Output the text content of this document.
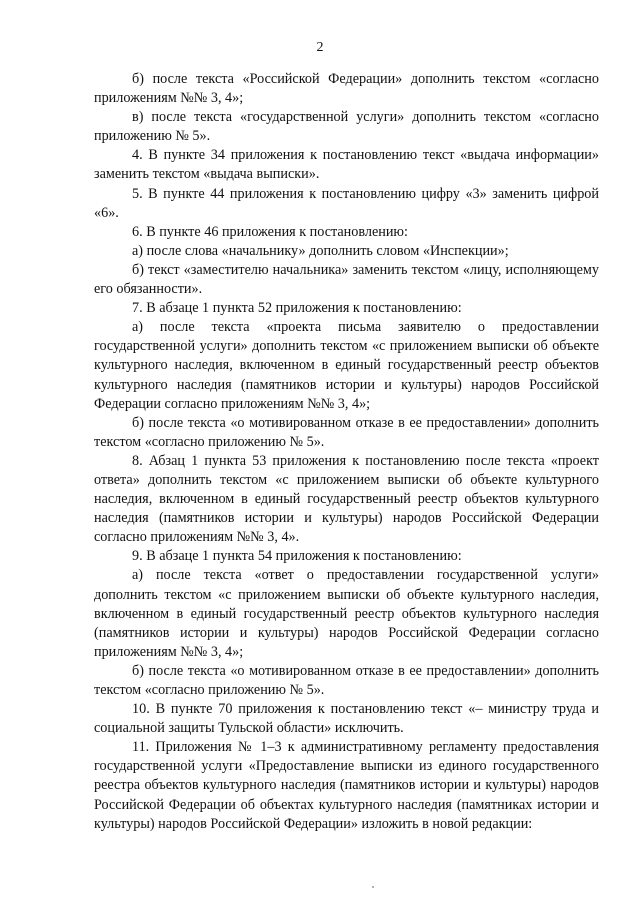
2

б) после текста «Российской Федерации» дополнить текстом «согласно приложениям №№ 3, 4»;

в) после текста «государственной услуги» дополнить текстом «согласно приложению № 5».

4. В пункте 34 приложения к постановлению текст «выдача информации» заменить текстом «выдача выписки».

5. В пункте 44 приложения к постановлению цифру «3» заменить цифрой «6».

6. В пункте 46 приложения к постановлению:

а) после слова «начальнику» дополнить словом «Инспекции»;

б) текст «заместителю начальника» заменить текстом «лицу, исполняющему его обязанности».

7. В абзаце 1 пункта 52 приложения к постановлению:

а) после текста «проекта письма заявителю о предоставлении государственной услуги» дополнить текстом «с приложением выписки об объекте культурного наследия, включенном в единый государственный реестр объектов культурного наследия (памятников истории и культуры) народов Российской Федерации согласно приложениям №№ 3, 4»;

б) после текста «о мотивированном отказе в ее предоставлении» дополнить текстом «согласно приложению № 5».

8. Абзац 1 пункта 53 приложения к постановлению после текста «проект ответа» дополнить текстом «с приложением выписки об объекте культурного наследия, включенном в единый государственный реестр объектов культурного наследия (памятников истории и культуры) народов Российской Федерации согласно приложениям №№ 3, 4».

9. В абзаце 1 пункта 54 приложения к постановлению:

а) после текста «ответ о предоставлении государственной услуги» дополнить текстом «с приложением выписки об объекте культурного наследия, включенном в единый государственный реестр объектов культурного наследия (памятников истории и культуры) народов Российской Федерации согласно приложениям №№ 3, 4»;

б) после текста «о мотивированном отказе в ее предоставлении» дополнить текстом «согласно приложению № 5».

10. В пункте 70 приложения к постановлению текст «– министру труда и социальной защиты Тульской области» исключить.

11. Приложения № 1–3 к административному регламенту предоставления государственной услуги «Предоставление выписки из единого государственного реестра объектов культурного наследия (памятников истории и культуры) народов Российской Федерации об объектах культурного наследия (памятниках истории и культуры) народов Российской Федерации» изложить в новой редакции:
